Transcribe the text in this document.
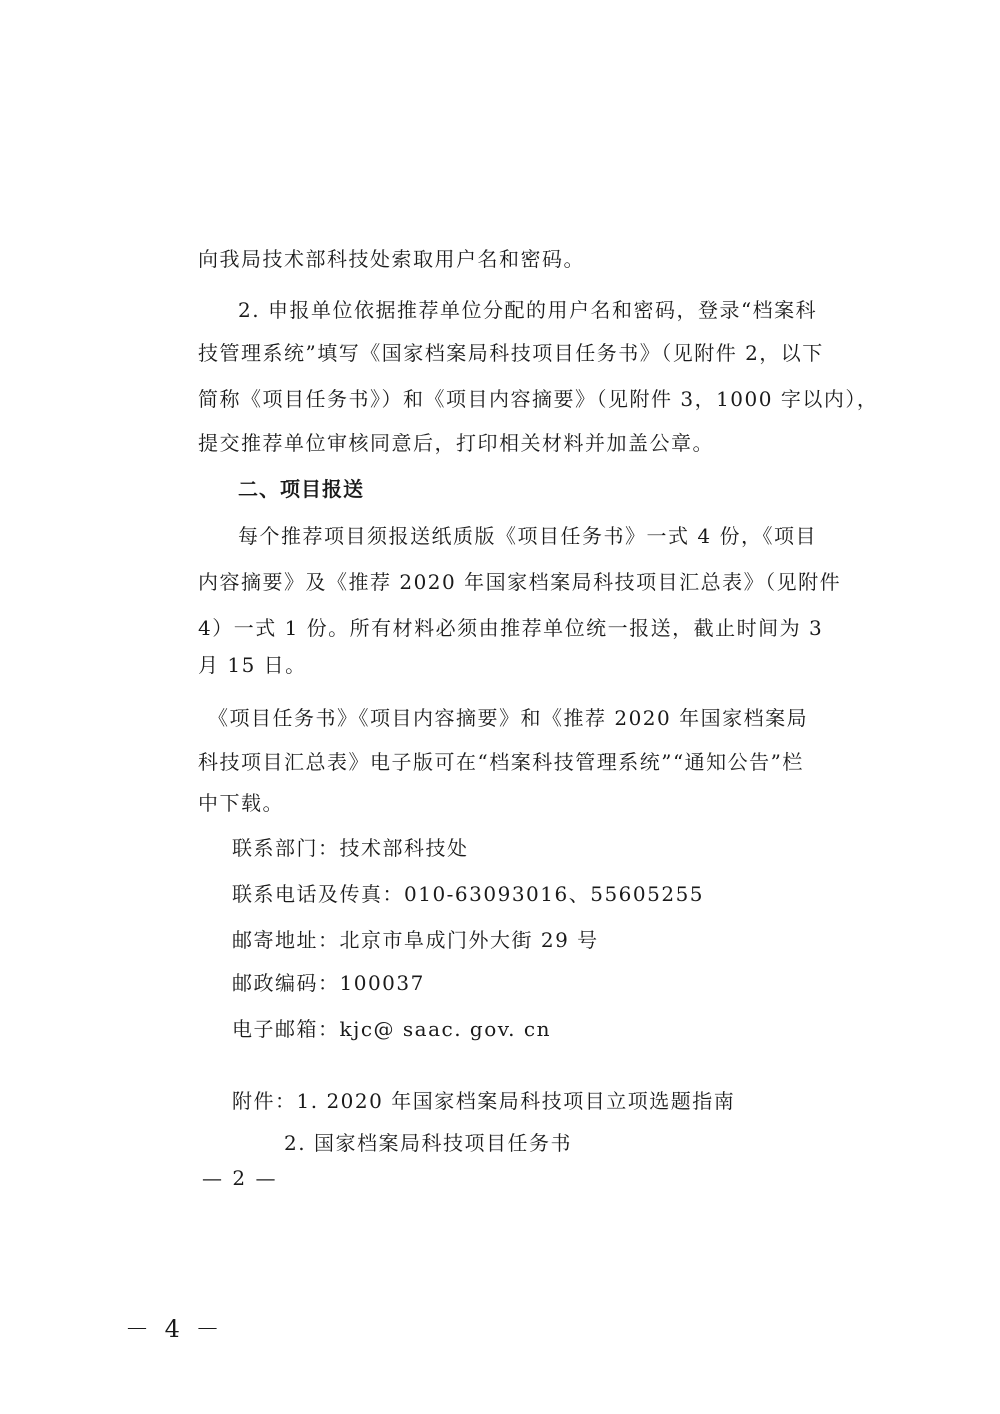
向我局技术部科技处索取用户名和密码。
2. 申报单位依据推荐单位分配的用户名和密码，登录“档案科
技管理系统”填写《国家档案局科技项目任务书》（见附件 2，以下
简称《项目任务书》）和《项目内容摘要》（见附件 3，1000 字以内），
提交推荐单位审核同意后，打印相关材料并加盖公章。
二、项目报送
每个推荐项目须报送纸质版《项目任务书》一式 4 份，《项目
内容摘要》及《推荐 2020 年国家档案局科技项目汇总表》（见附件
4）一式 1 份。所有材料必须由推荐单位统一报送，截止时间为 3
月 15 日。
《项目任务书》《项目内容摘要》和《推荐 2020 年国家档案局
科技项目汇总表》电子版可在“档案科技管理系统”“通知公告”栏
中下载。
联系部门：技术部科技处
联系电话及传真：010-63093016、55605255
邮寄地址：北京市阜成门外大街 29 号
邮政编码：100037
电子邮箱：kjc@ saac. gov. cn
附件：1. 2020 年国家档案局科技项目立项选题指南
2. 国家档案局科技项目任务书
— 2 —
－ 4 －
